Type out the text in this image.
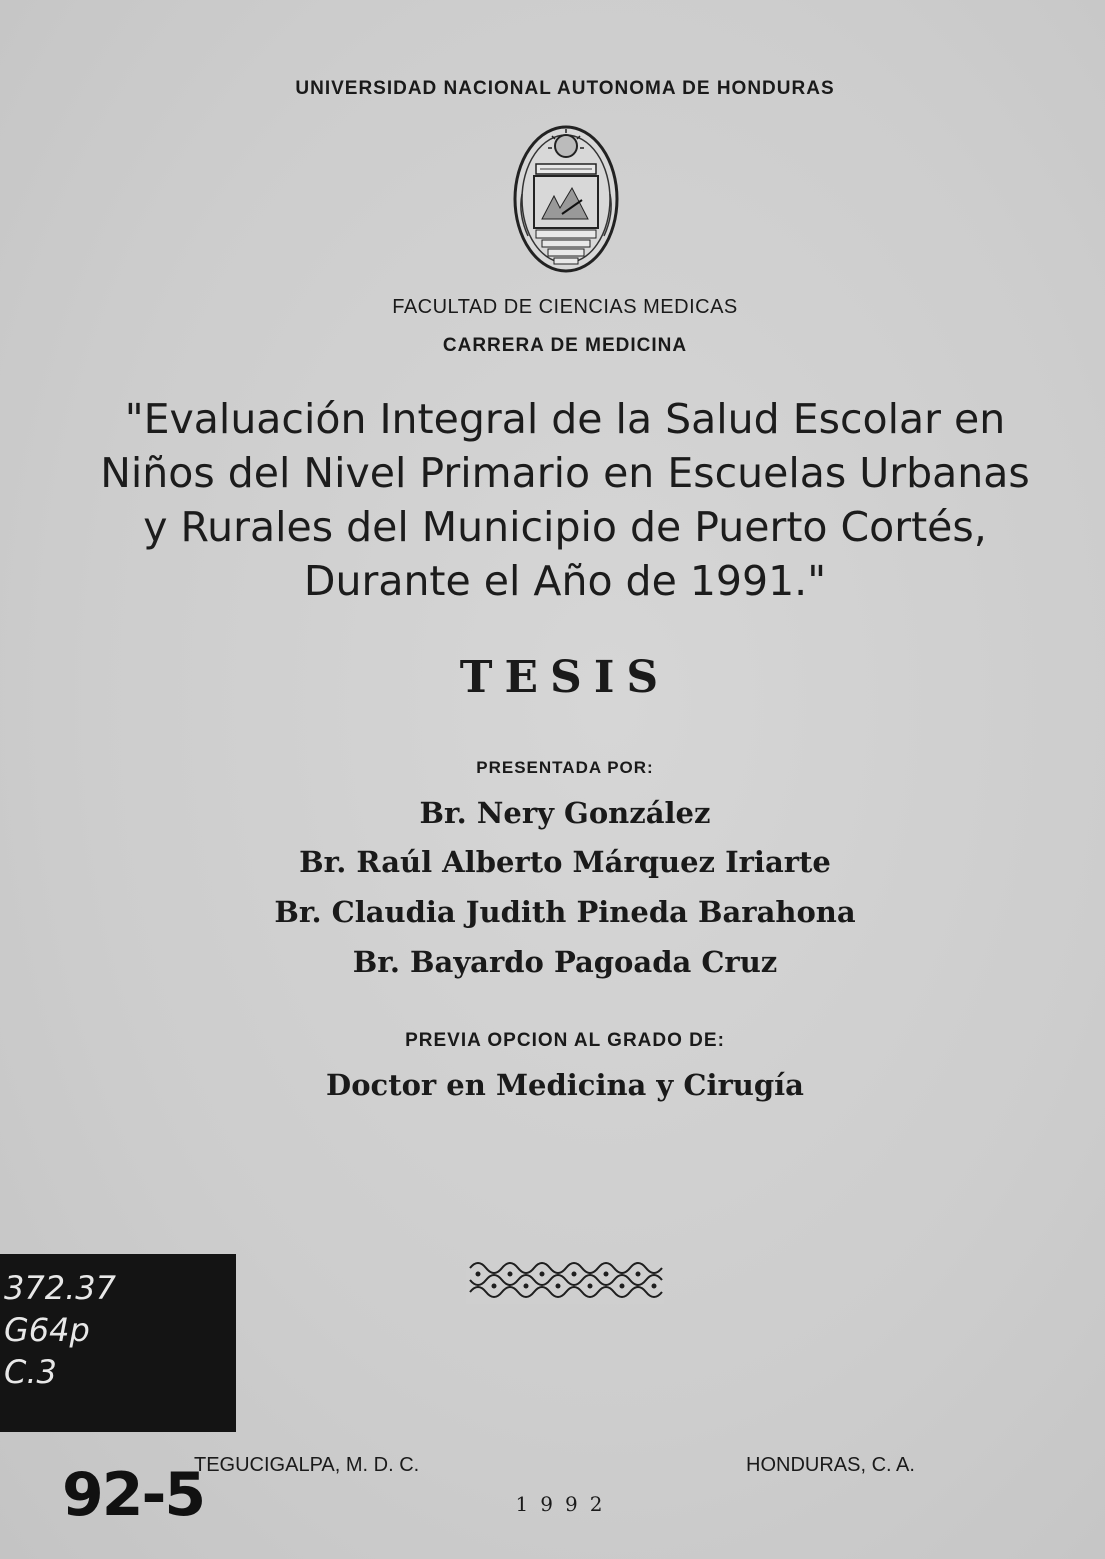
UNIVERSIDAD NACIONAL AUTONOMA DE HONDURAS
FACULTAD DE CIENCIAS MEDICAS
CARRERA DE MEDICINA
"Evaluación Integral de la Salud Escolar en
Niños del Nivel Primario en Escuelas Urbanas
y Rurales del Municipio de Puerto Cortés,
Durante el Año de 1991."
TESIS
PRESENTADA POR:
Br. Nery González
Br. Raúl Alberto Márquez Iriarte
Br. Claudia Judith Pineda Barahona
Br. Bayardo Pagoada Cruz
PREVIA OPCION AL GRADO DE:
Doctor en Medicina y Cirugía
372.37
G64p
C.3
TEGUCIGALPA, M. D. C.	HONDURAS, C. A.
1992
92-5
